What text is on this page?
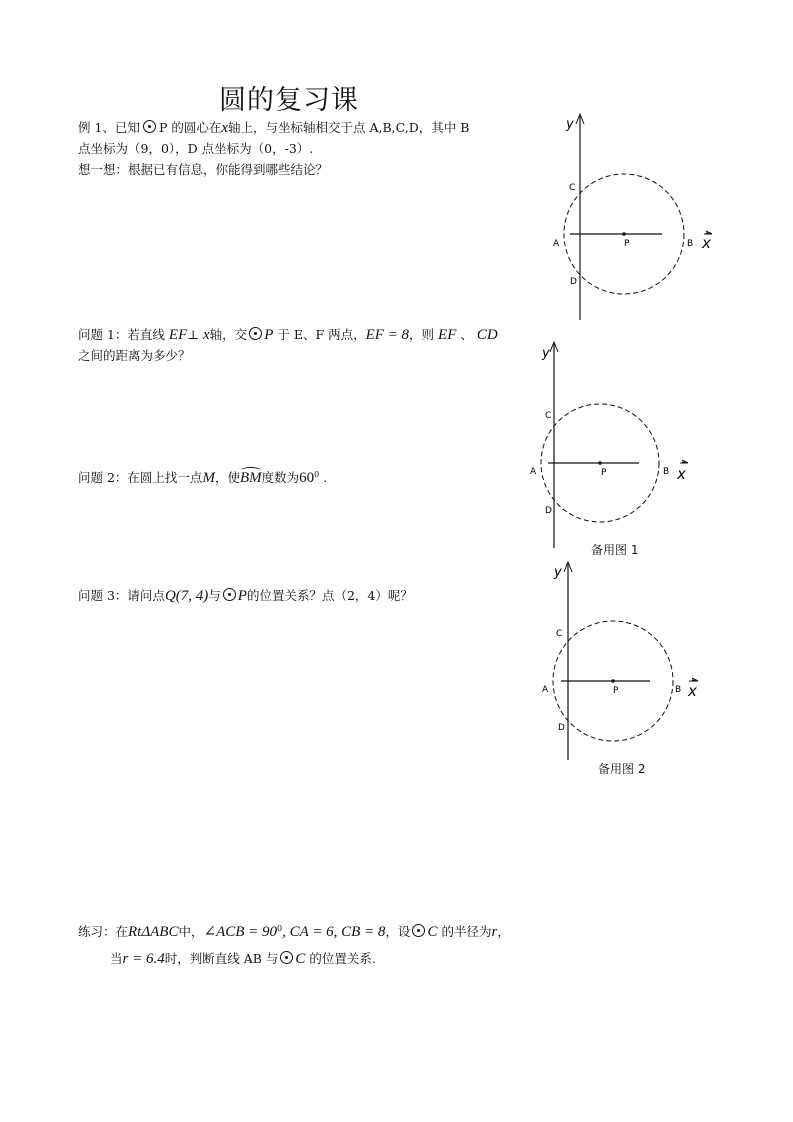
圆的复习课
例 1、已知 P 的圆心在x轴上，与坐标轴相交于点 A,B,C,D，其中 B
点坐标为（9，0），D 点坐标为（0，-3）.
想一想：根据已有信息，你能得到哪些结论？
问题 1：若直线 EF⊥ x轴，交 P 于 E、F 两点，EF = 8，则 EF 、 CD
之间的距离为多少？
问题 2：在圆上找一点M，使BM度数为$60^0$ .
问题 3：请问点Q(7, 4)与 P的位置关系？点（2，4）呢？
练习：在RtΔABC中，∠ACB = $90^0$, CA = 6, CB = 8，设 C 的半径为r，
当r = 6.4时，判断直线 AB 与 C 的位置关系.
y
x
A	B
C
D
P
y
x
A	B
C
D
P
备用图 1
y
x
A	B
C
D
P
备用图 2
